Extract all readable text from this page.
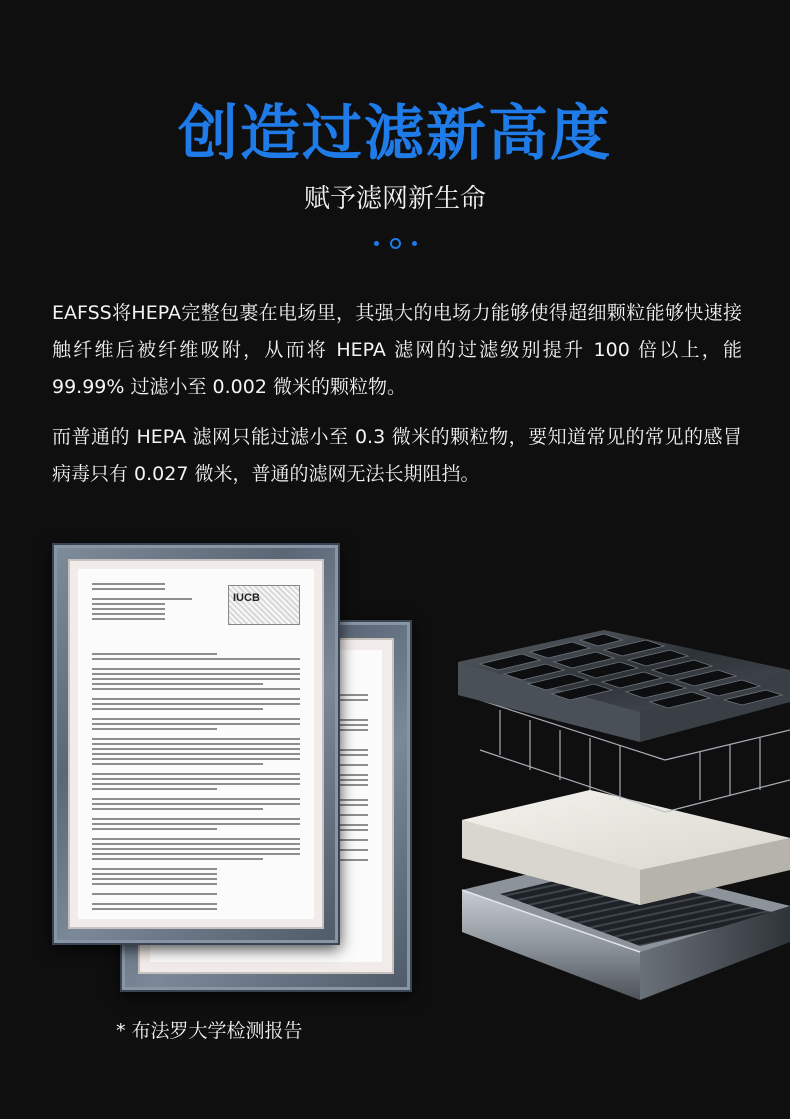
创造过滤新高度
赋予滤网新生命
EAFSS将HEPA完整包裹在电场里，其强大的电场力能够使得超细颗粒能够快速接触纤维后被纤维吸附，从而将 HEPA 滤网的过滤级别提升 100 倍以上，能 99.99% 过滤小至 0.002 微米的颗粒物。
而普通的 HEPA 滤网只能过滤小至 0.3 微米的颗粒物，要知道常见的常见的感冒病毒只有 0.027 微米，普通的滤网无法长期阻挡。
IUCB
* 布法罗大学检测报告
